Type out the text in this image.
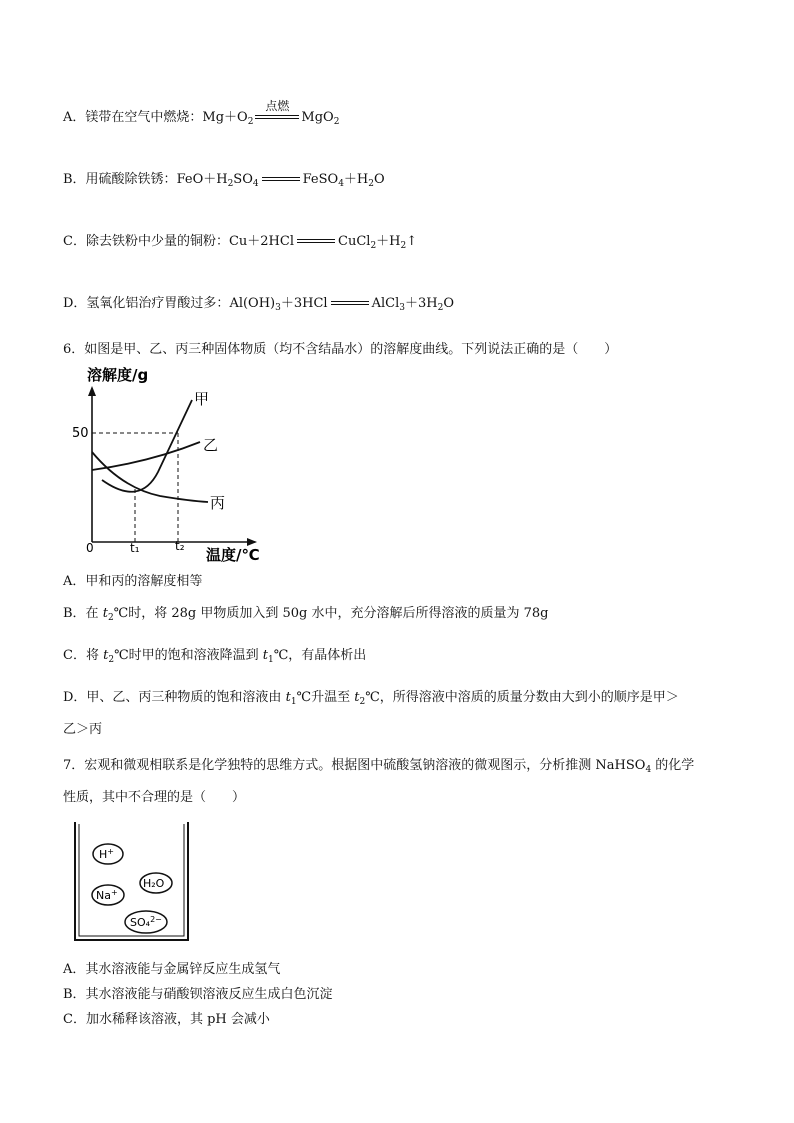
A．镁带在空气中燃烧：$Mg+O_2$
点燃
MgO$_2$
B．用硫酸除铁锈：$FeO+H_2SO_4$	$FeSO_4+H_2O$
C．除去铁粉中少量的铜粉：Cu＋2HCl	$CuCl_2+H_2↑$
D．氢氧化铝治疗胃酸过多：$Al(OH)_3+3HCl$	$AlCl_3+3H_2O$
6．如图是甲、乙、丙三种固体物质（均不含结晶水）的溶解度曲线。下列说法正确的是（　　）
溶解度/g
温度/℃
0
50
t₁	t₂
甲
乙
丙
A．甲和丙的溶解度相等
B．在 $t_2℃$时，将 28g 甲物质加入到 50g 水中，充分溶解后所得溶液的质量为 78g
C．将 $t_2℃$时甲的饱和溶液降温到 $t_1℃$，有晶体析出
D．甲、乙、丙三种物质的饱和溶液由 $t_1℃$升温至 $t_2℃$，所得溶液中溶质的质量分数由大到小的顺序是甲＞
乙＞丙
7．宏观和微观相联系是化学独特的思维方式。根据图中硫酸氢钠溶液的微观图示，分析推测 NaHSO$_4$ 的化学
性质，其中不合理的是（　　）
H+
H₂O
Na+
SO₄$^{2-}$
A．其水溶液能与金属锌反应生成氢气
B．其水溶液能与硝酸钡溶液反应生成白色沉淀
C．加水稀释该溶液，其 pH 会减小
